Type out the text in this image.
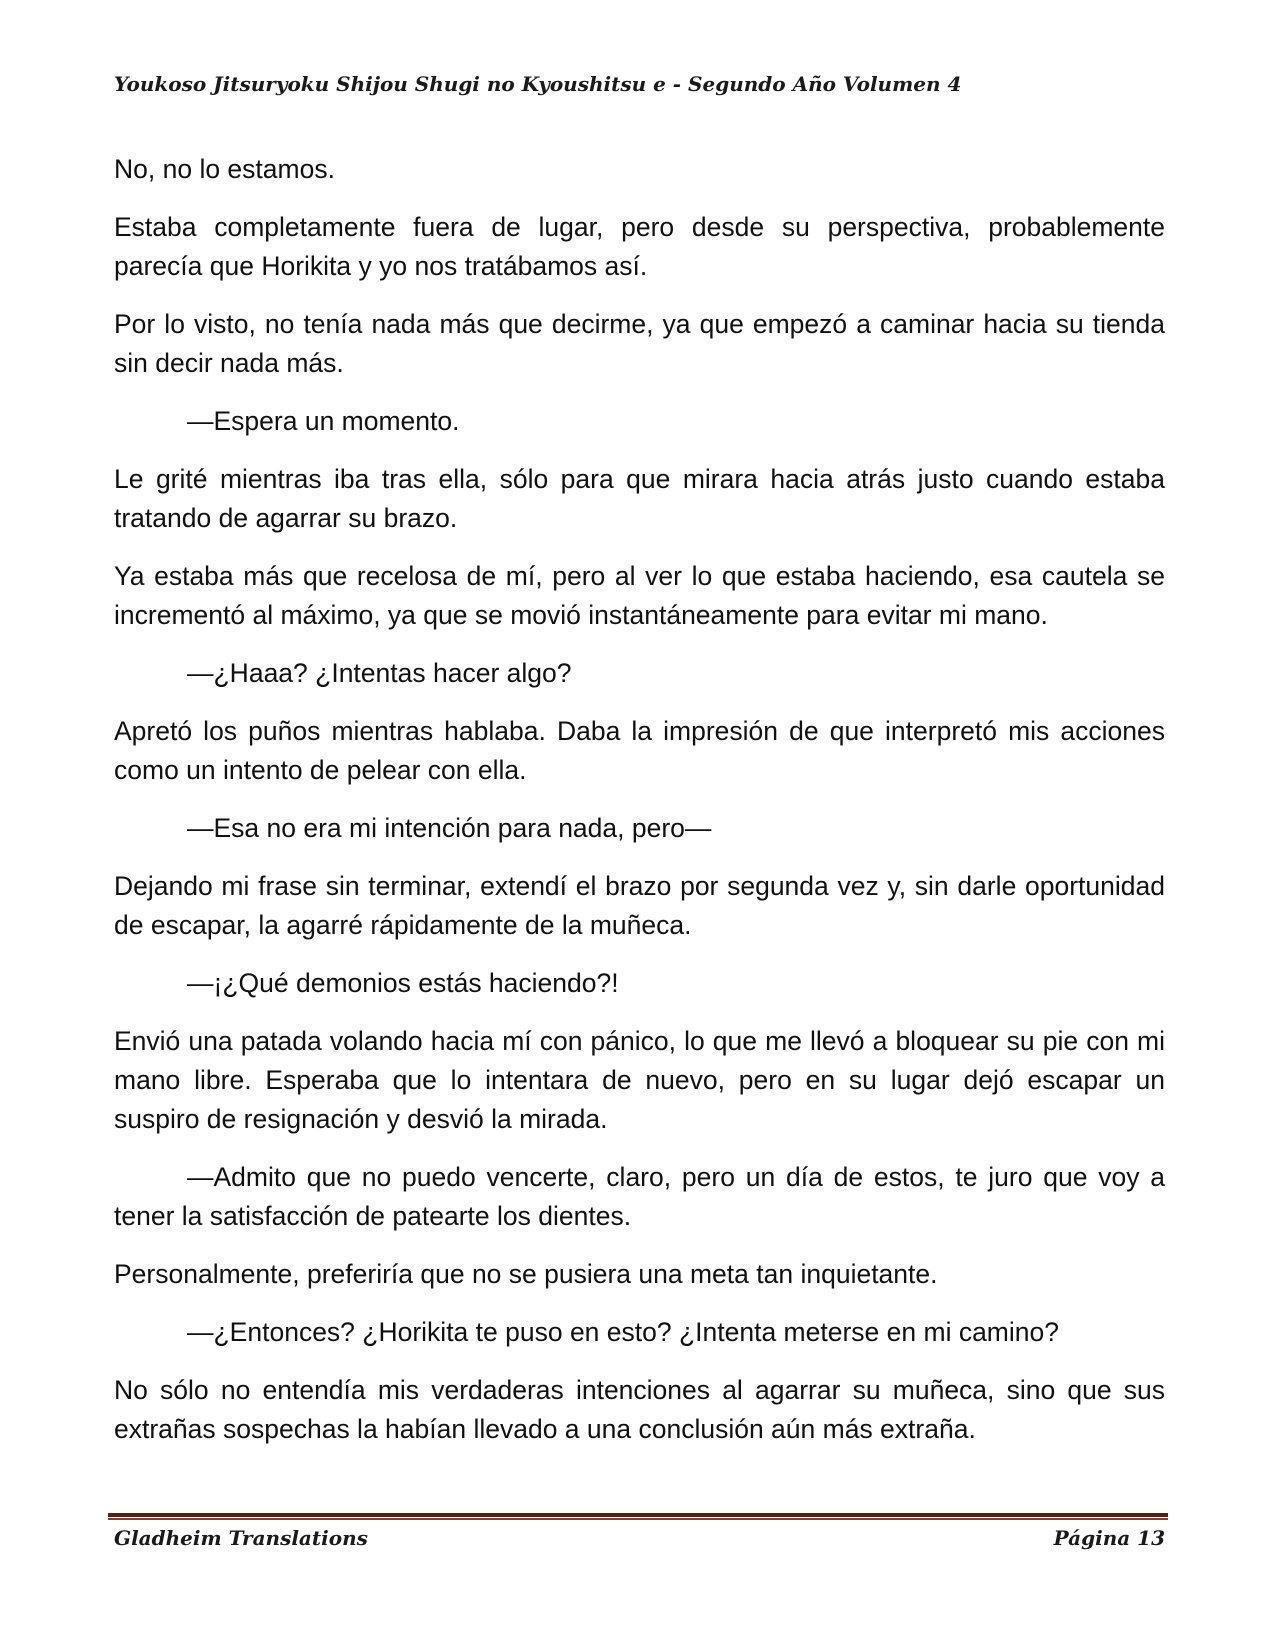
Youkoso Jitsuryoku Shijou Shugi no Kyoushitsu e - Segundo Año Volumen 4

No, no lo estamos.

Estaba completamente fuera de lugar, pero desde su perspectiva, probablemente parecía que Horikita y yo nos tratábamos así.

Por lo visto, no tenía nada más que decirme, ya que empezó a caminar hacia su tienda sin decir nada más.

—Espera un momento.

Le grité mientras iba tras ella, sólo para que mirara hacia atrás justo cuando estaba tratando de agarrar su brazo.

Ya estaba más que recelosa de mí, pero al ver lo que estaba haciendo, esa cautela se incrementó al máximo, ya que se movió instantáneamente para evitar mi mano.

—¿Haaa? ¿Intentas hacer algo?

Apretó los puños mientras hablaba. Daba la impresión de que interpretó mis acciones como un intento de pelear con ella.

—Esa no era mi intención para nada, pero—

Dejando mi frase sin terminar, extendí el brazo por segunda vez y, sin darle oportunidad de escapar, la agarré rápidamente de la muñeca.

—¡¿Qué demonios estás haciendo?!

Envió una patada volando hacia mí con pánico, lo que me llevó a bloquear su pie con mi mano libre. Esperaba que lo intentara de nuevo, pero en su lugar dejó escapar un suspiro de resignación y desvió la mirada.

—Admito que no puedo vencerte, claro, pero un día de estos, te juro que voy a tener la satisfacción de patearte los dientes.

Personalmente, preferiría que no se pusiera una meta tan inquietante.

—¿Entonces? ¿Horikita te puso en esto? ¿Intenta meterse en mi camino?

No sólo no entendía mis verdaderas intenciones al agarrar su muñeca, sino que sus extrañas sospechas la habían llevado a una conclusión aún más extraña.

Gladheim Translations	Página 13
